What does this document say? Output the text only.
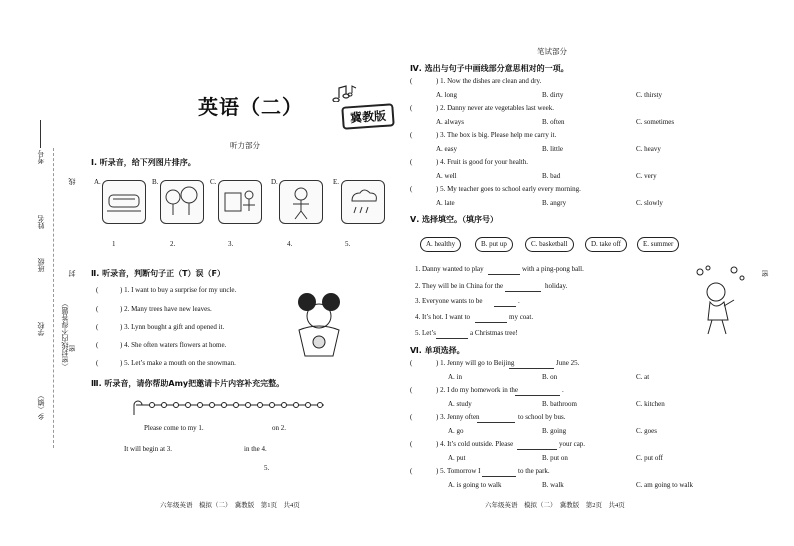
考号
线
姓名
班级
封
学校 （密封线内不得答题） 密
乡（镇）
密
英语（二）	冀教版
听力部分
笔试部分
Ⅰ. 听录音，给下列图片排序。
A.	B.	C.	D.	E.
1	2.	3.	4.	5.
Ⅱ. 听录音，判断句子正（T）误（F）
(	) 1. I want to buy a surprise for my uncle.
(	) 2. Many trees have new leaves.
(	) 3. Lynn bought a gift and opened it.
(	) 4. She often waters flowers at home.
(	) 5. Let’s make a mouth on the snowman.
Ⅲ. 听录音，请你帮助Amy把邀请卡片内容补充完整。
Please come to my 1.	on 2.
It will begin at 3.	in the 4.
5.
六年级英语　模拟（二）　冀教版　第1页　共4页
Ⅳ. 选出与句子中画线部分意思相对的一项。
(	) 1. Now the dishes are clean and dry.
A. long	B. dirty	C. thirsty
(	) 2. Danny never ate vegetables last week.
A. always	B. often	C. sometimes
(	) 3. The box is big. Please help me carry it.
A. easy	B. little	C. heavy
(	) 4. Fruit is good for your health.
A. well	B. bad	C. very
(	) 5. My teacher goes to school early every morning.
A. late	B. angry	C. slowly
Ⅴ. 选择填空。（填序号）
A. healthy	B. put up	C. basketball	D. take off	E. summer
1. Danny wanted to play	with a ping-pong ball.
2. They will be in China for the	holiday.
3. Everyone wants to be	.
4. It’s hot. I want to	my coat.
5. Let’s	a Christmas tree!
Ⅵ. 单项选择。
(	) 1. Jenny will go to Beijing	June 25.
A. in	B. on	C. at
(	) 2. I do my homework in the	.
A. study	B. bathroom	C. kitchen
(	) 3. Jenny often	to school by bus.
A. go	B. going	C. goes
(	) 4. It’s cold outside. Please	your cap.
A. put	B. put on	C. put off
(	) 5. Tomorrow I	to the park.
A. is going to walk	B. walk	C. am going to walk
六年级英语　模拟（二）　冀教版　第2页　共4页
